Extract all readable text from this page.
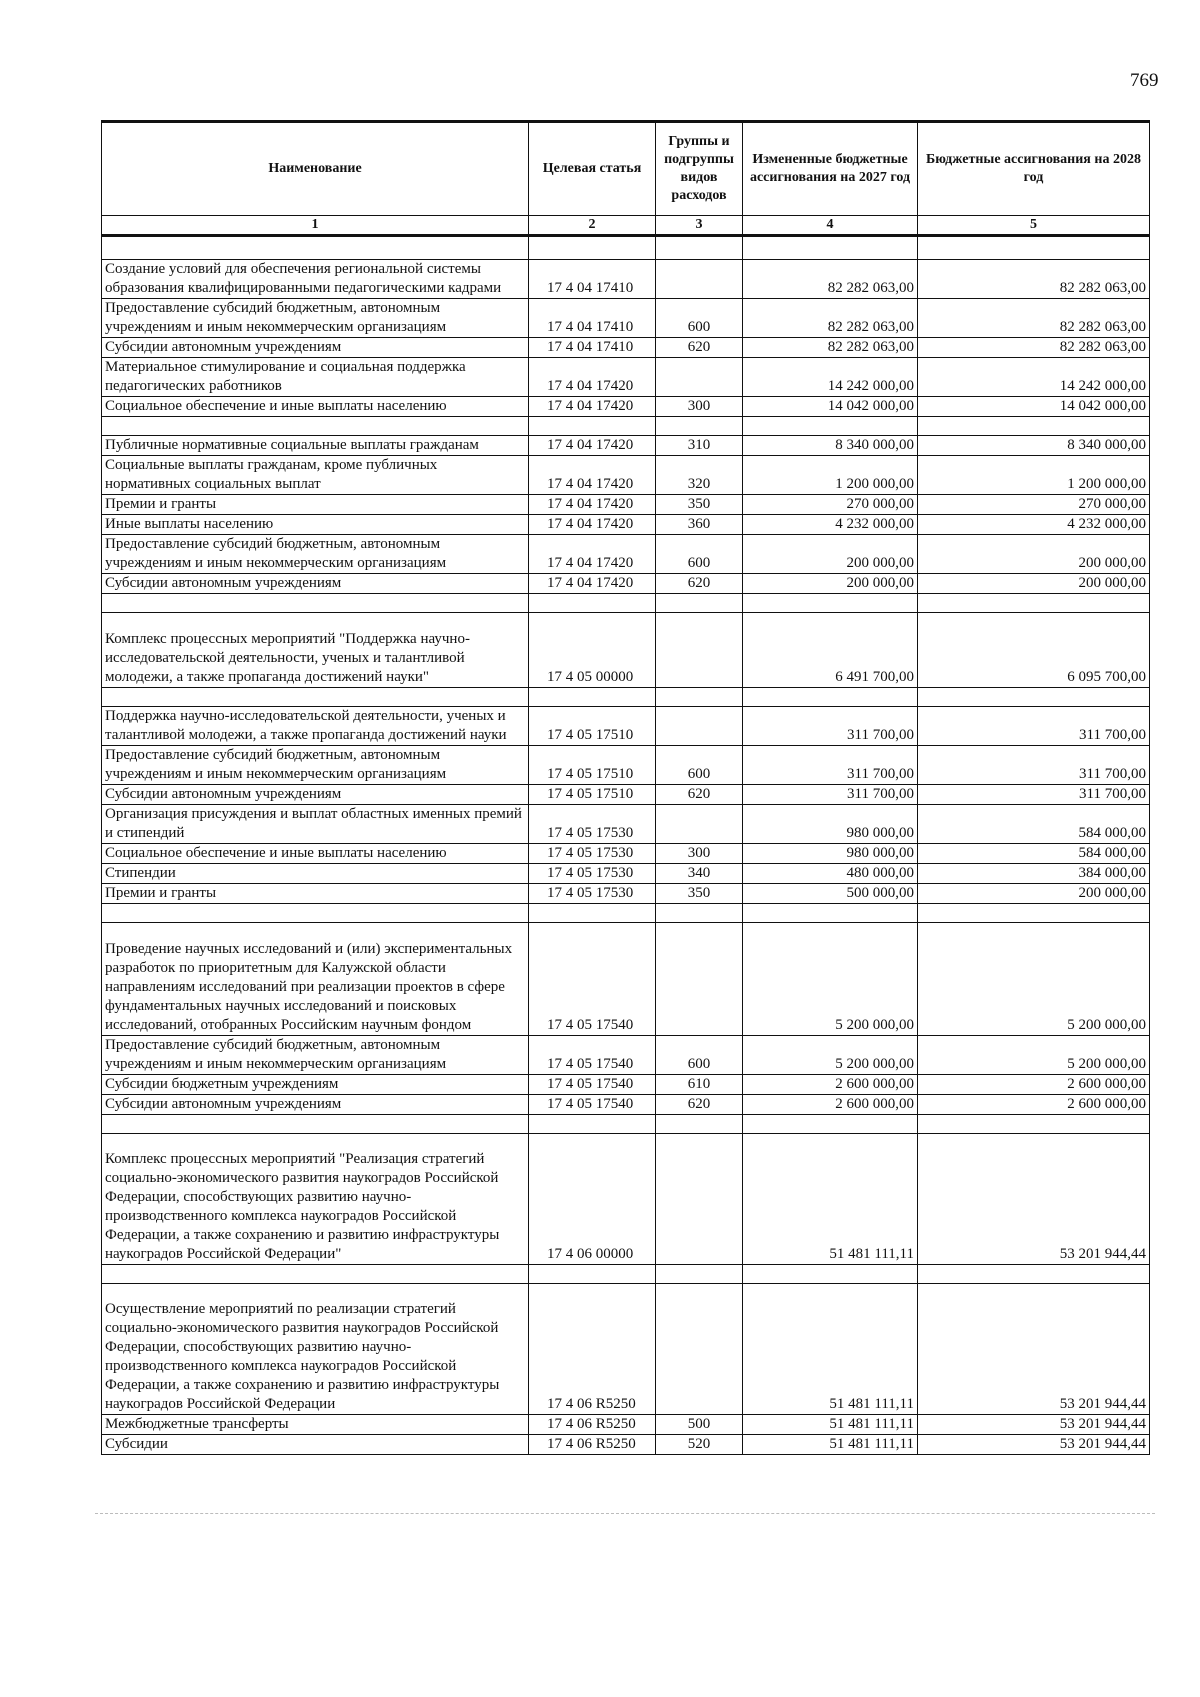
769
Наименование	Целевая статья	Группы и подгруппы видов расходов	Измененные бюджетные ассигнования на 2027 год	Бюджетные ассигнования на 2028 год
1	2	3	4	5

Создание условий для обеспечения региональной системы образования квалифицированными педагогическими кадрами	17 4 04 17410		82 282 063,00	82 282 063,00
Предоставление субсидий бюджетным, автономным учреждениям и иным некоммерческим организациям	17 4 04 17410	600	82 282 063,00	82 282 063,00
Субсидии автономным учреждениям	17 4 04 17410	620	82 282 063,00	82 282 063,00
Материальное стимулирование и социальная поддержка педагогических работников	17 4 04 17420		14 242 000,00	14 242 000,00
Социальное обеспечение и иные выплаты населению	17 4 04 17420	300	14 042 000,00	14 042 000,00

Публичные нормативные социальные выплаты гражданам	17 4 04 17420	310	8 340 000,00	8 340 000,00
Социальные выплаты гражданам, кроме публичных нормативных социальных выплат	17 4 04 17420	320	1 200 000,00	1 200 000,00
Премии и гранты	17 4 04 17420	350	270 000,00	270 000,00
Иные выплаты населению	17 4 04 17420	360	4 232 000,00	4 232 000,00
Предоставление субсидий бюджетным, автономным учреждениям и иным некоммерческим организациям	17 4 04 17420	600	200 000,00	200 000,00
Субсидии автономным учреждениям	17 4 04 17420	620	200 000,00	200 000,00

Комплекс процессных мероприятий "Поддержка научно-исследовательской деятельности, ученых и талантливой молодежи, а также пропаганда достижений науки"	17 4 05 00000		6 491 700,00	6 095 700,00

Поддержка научно-исследовательской деятельности, ученых и талантливой молодежи, а также пропаганда достижений науки	17 4 05 17510		311 700,00	311 700,00
Предоставление субсидий бюджетным, автономным учреждениям и иным некоммерческим организациям	17 4 05 17510	600	311 700,00	311 700,00
Субсидии автономным учреждениям	17 4 05 17510	620	311 700,00	311 700,00
Организация присуждения и выплат областных именных премий и стипендий	17 4 05 17530		980 000,00	584 000,00
Социальное обеспечение и иные выплаты населению	17 4 05 17530	300	980 000,00	584 000,00
Стипендии	17 4 05 17530	340	480 000,00	384 000,00
Премии и гранты	17 4 05 17530	350	500 000,00	200 000,00

Проведение научных исследований и (или) экспериментальных разработок по приоритетным для Калужской области направлениям исследований при реализации проектов в сфере фундаментальных научных исследований и поисковых исследований, отобранных Российским научным фондом	17 4 05 17540		5 200 000,00	5 200 000,00
Предоставление субсидий бюджетным, автономным учреждениям и иным некоммерческим организациям	17 4 05 17540	600	5 200 000,00	5 200 000,00
Субсидии бюджетным учреждениям	17 4 05 17540	610	2 600 000,00	2 600 000,00
Субсидии автономным учреждениям	17 4 05 17540	620	2 600 000,00	2 600 000,00

Комплекс процессных мероприятий "Реализация стратегий социально-экономического развития наукоградов Российской Федерации, способствующих развитию научно-производственного комплекса наукоградов Российской Федерации, а также сохранению и развитию инфраструктуры наукоградов Российской Федерации"	17 4 06 00000		51 481 111,11	53 201 944,44

Осуществление мероприятий по реализации стратегий социально-экономического развития наукоградов Российской Федерации, способствующих развитию научно-производственного комплекса наукоградов Российской Федерации, а также сохранению и развитию инфраструктуры наукоградов Российской Федерации	17 4 06 R5250		51 481 111,11	53 201 944,44
Межбюджетные трансферты	17 4 06 R5250	500	51 481 111,11	53 201 944,44
Субсидии	17 4 06 R5250	520	51 481 111,11	53 201 944,44
